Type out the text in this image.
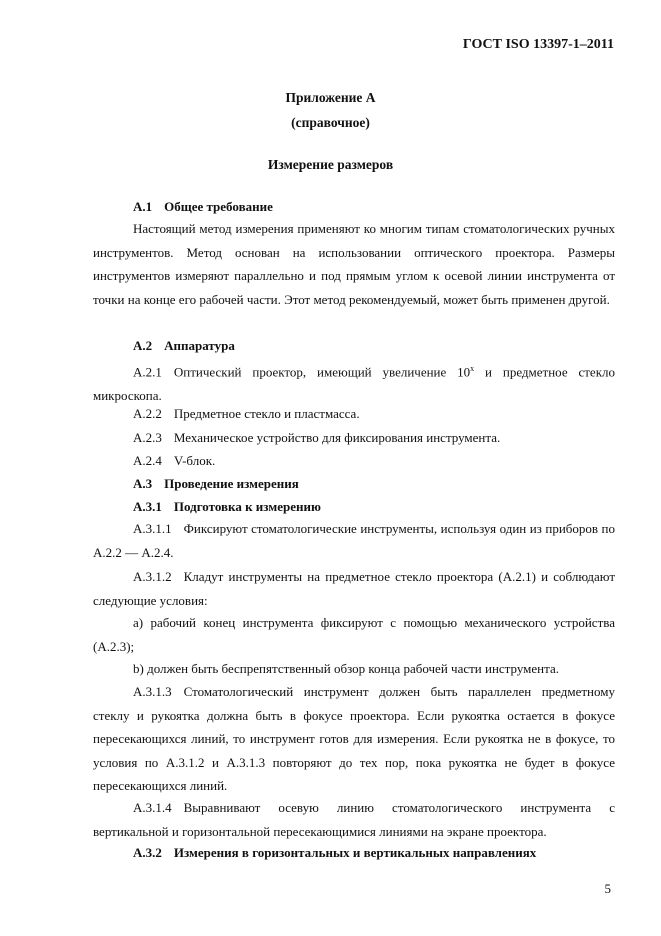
ГОСТ ISO 13397-1–2011
Приложение А
(справочное)
Измерение размеров
А.1 Общее требование
Настоящий метод измерения применяют ко многим типам стоматологических ручных инструментов. Метод основан на использовании оптического проектора. Размеры инструментов измеряют параллельно и под прямым углом к осевой линии инструмента от точки на конце его рабочей части. Этот метод рекомендуемый, может быть применен другой.
А.2 Аппаратура
А.2.1 Оптический проектор, имеющий увеличение 10$^x$ и предметное стекло микроскопа.
А.2.2 Предметное стекло и пластмасса.
А.2.3 Механическое устройство для фиксирования инструмента.
А.2.4 V-блок.
А.3 Проведение измерения
А.3.1 Подготовка к измерению
А.3.1.1 Фиксируют стоматологические инструменты, используя один из приборов по А.2.2 — А.2.4.
А.3.1.2 Кладут инструменты на предметное стекло проектора (А.2.1) и соблюдают следующие условия:
а) рабочий конец инструмента фиксируют с помощью механического устройства (А.2.3);
b) должен быть беспрепятственный обзор конца рабочей части инструмента.
А.3.1.3 Стоматологический инструмент должен быть параллелен предметному стеклу и рукоятка должна быть в фокусе проектора. Если рукоятка остается в фокусе пересекающихся линий, то инструмент готов для измерения. Если рукоятка не в фокусе, то условия по А.3.1.2 и А.3.1.3 повторяют до тех пор, пока рукоятка не будет в фокусе пересекающихся линий.
А.3.1.4 Выравнивают осевую линию стоматологического инструмента с вертикальной и горизонтальной пересекающимися линиями на экране проектора.
А.3.2 Измерения в горизонтальных и вертикальных направлениях
5
